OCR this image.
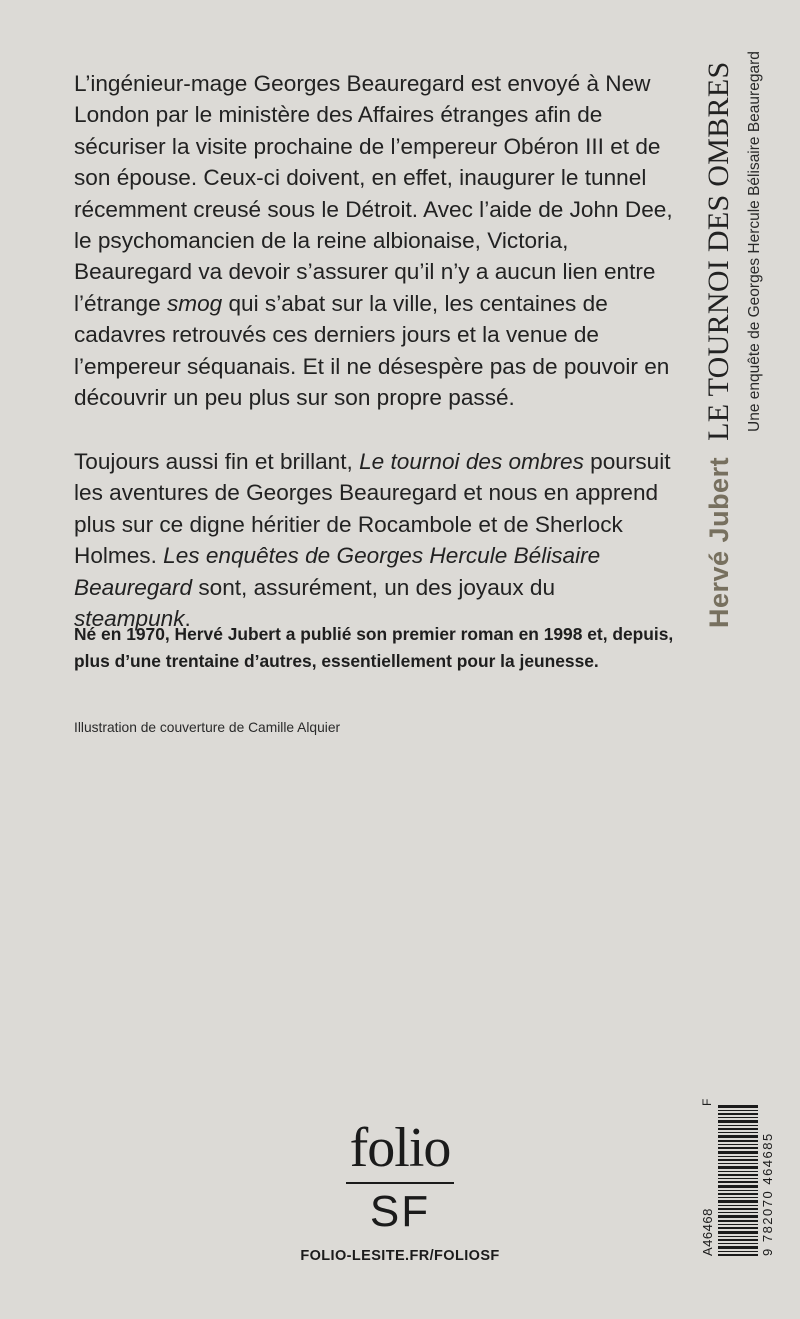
L’ingénieur-mage Georges Beauregard est envoyé à New London par le ministère des Affaires étranges afin de sécuriser la visite prochaine de l’empereur Obéron III et de son épouse. Ceux-ci doivent, en effet, inaugurer le tunnel récemment creusé sous le Détroit. Avec l’aide de John Dee, le psychomancien de la reine albionaise, Victoria, Beauregard va devoir s’assurer qu’il n’y a aucun lien entre l’étrange smog qui s’abat sur la ville, les centaines de cadavres retrouvés ces derniers jours et la venue de l’empereur séquanais. Et il ne désespère pas de pouvoir en découvrir un peu plus sur son propre passé.

Toujours aussi fin et brillant, Le tournoi des ombres poursuit les aventures de Georges Beauregard et nous en apprend plus sur ce digne héritier de Rocambole et de Sherlock Holmes. Les enquêtes de Georges Hercule Bélisaire Beauregard sont, assurément, un des joyaux du steampunk.

Né en 1970, Hervé Jubert a publié son premier roman en 1998 et, depuis, plus d’une trentaine d’autres, essentiellement pour la jeunesse.
Illustration de couverture de Camille Alquier
Hervé Jubert
LE TOURNOI DES OMBRES Une enquête de Georges Hercule Bélisaire Beauregard
folio
SF
FOLIO-LESITE.FR/FOLIOSF	A46468
F
9 782070 464685
